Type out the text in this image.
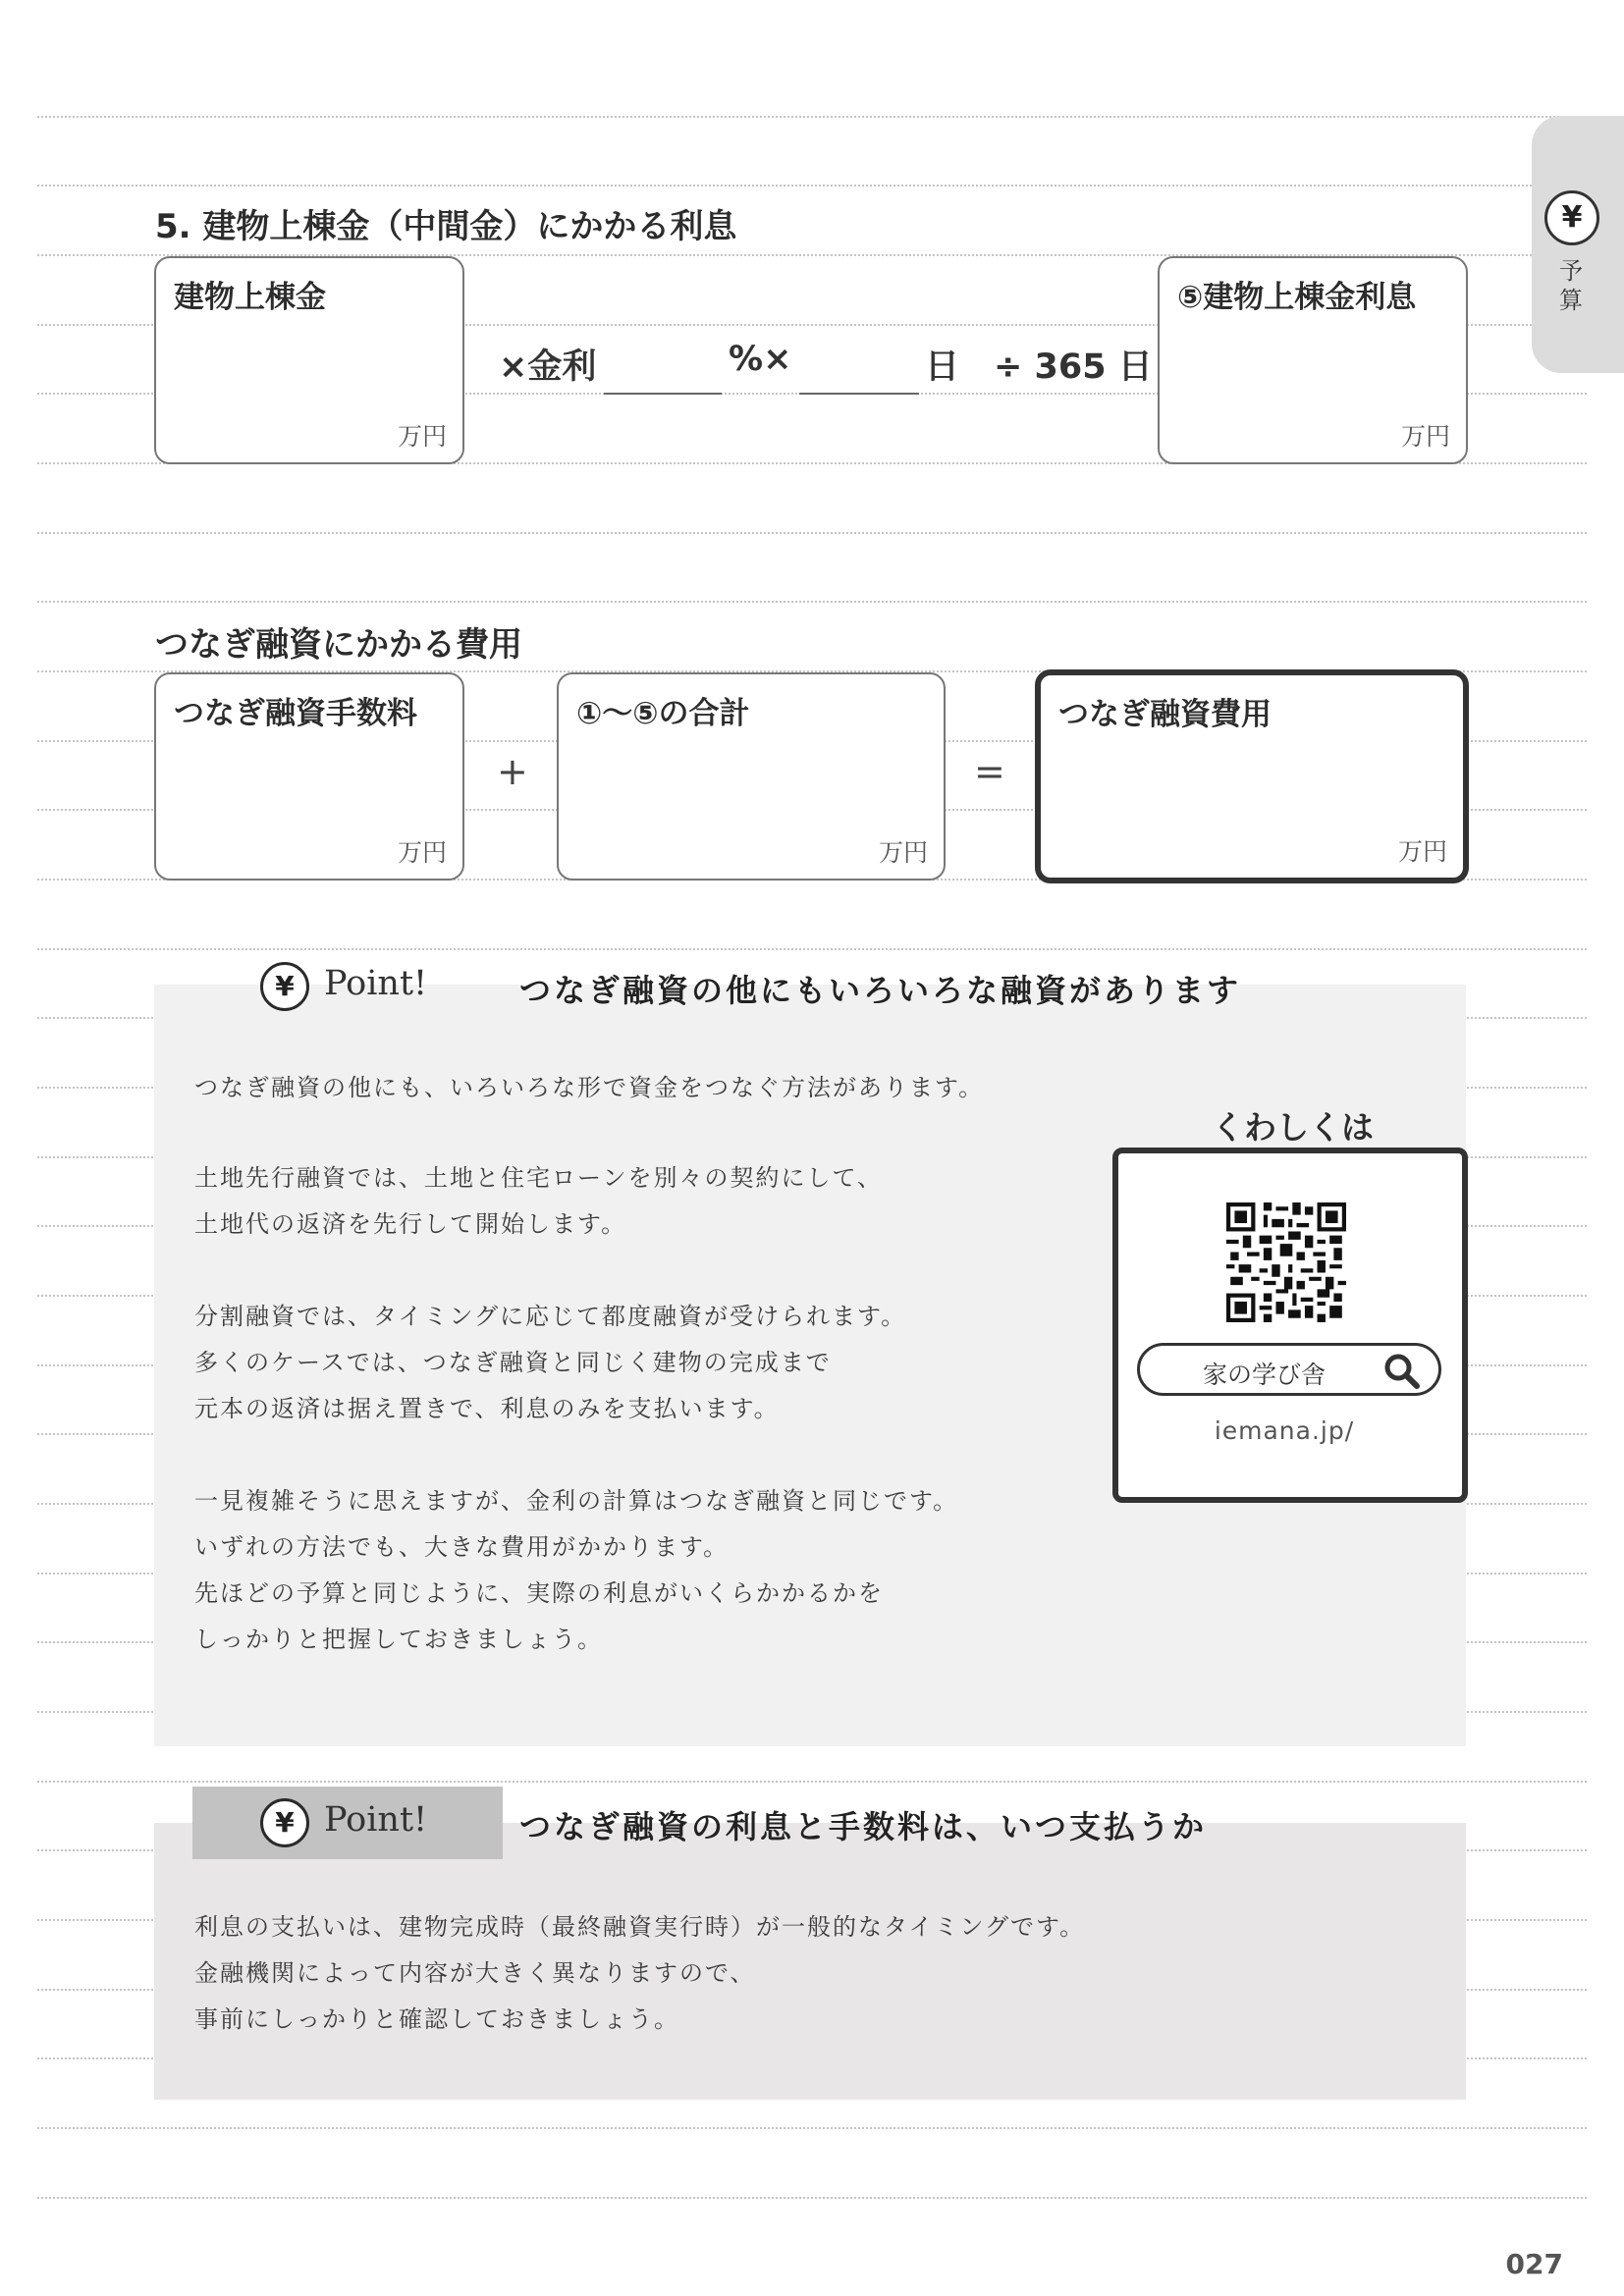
¥
予
算
5. 建物上棟金（中間金）にかかる利息
建物上棟金
万円
×金利	%×	日 ÷ 365 日
⑤建物上棟金利息
万円
つなぎ融資にかかる費用
つなぎ融資手数料
万円
+
①～⑤の合計
万円
=
つなぎ融資費用
万円
¥ Point!	つなぎ融資の他にもいろいろな融資があります
つなぎ融資の他にも、いろいろな形で資金をつなぐ方法があります。
土地先行融資では、土地と住宅ローンを別々の契約にして、
土地代の返済を先行して開始します。
分割融資では、タイミングに応じて都度融資が受けられます。
多くのケースでは、つなぎ融資と同じく建物の完成まで
元本の返済は据え置きで、利息のみを支払います。
一見複雑そうに思えますが、金利の計算はつなぎ融資と同じです。
いずれの方法でも、大きな費用がかかります。
先ほどの予算と同じように、実際の利息がいくらかかるかを
しっかりと把握しておきましょう。
くわしくは
家の学び舎
iemana.jp/
¥ Point!	つなぎ融資の利息と手数料は、いつ支払うか
利息の支払いは、建物完成時（最終融資実行時）が一般的なタイミングです。
金融機関によって内容が大きく異なりますので、
事前にしっかりと確認しておきましょう。
027
